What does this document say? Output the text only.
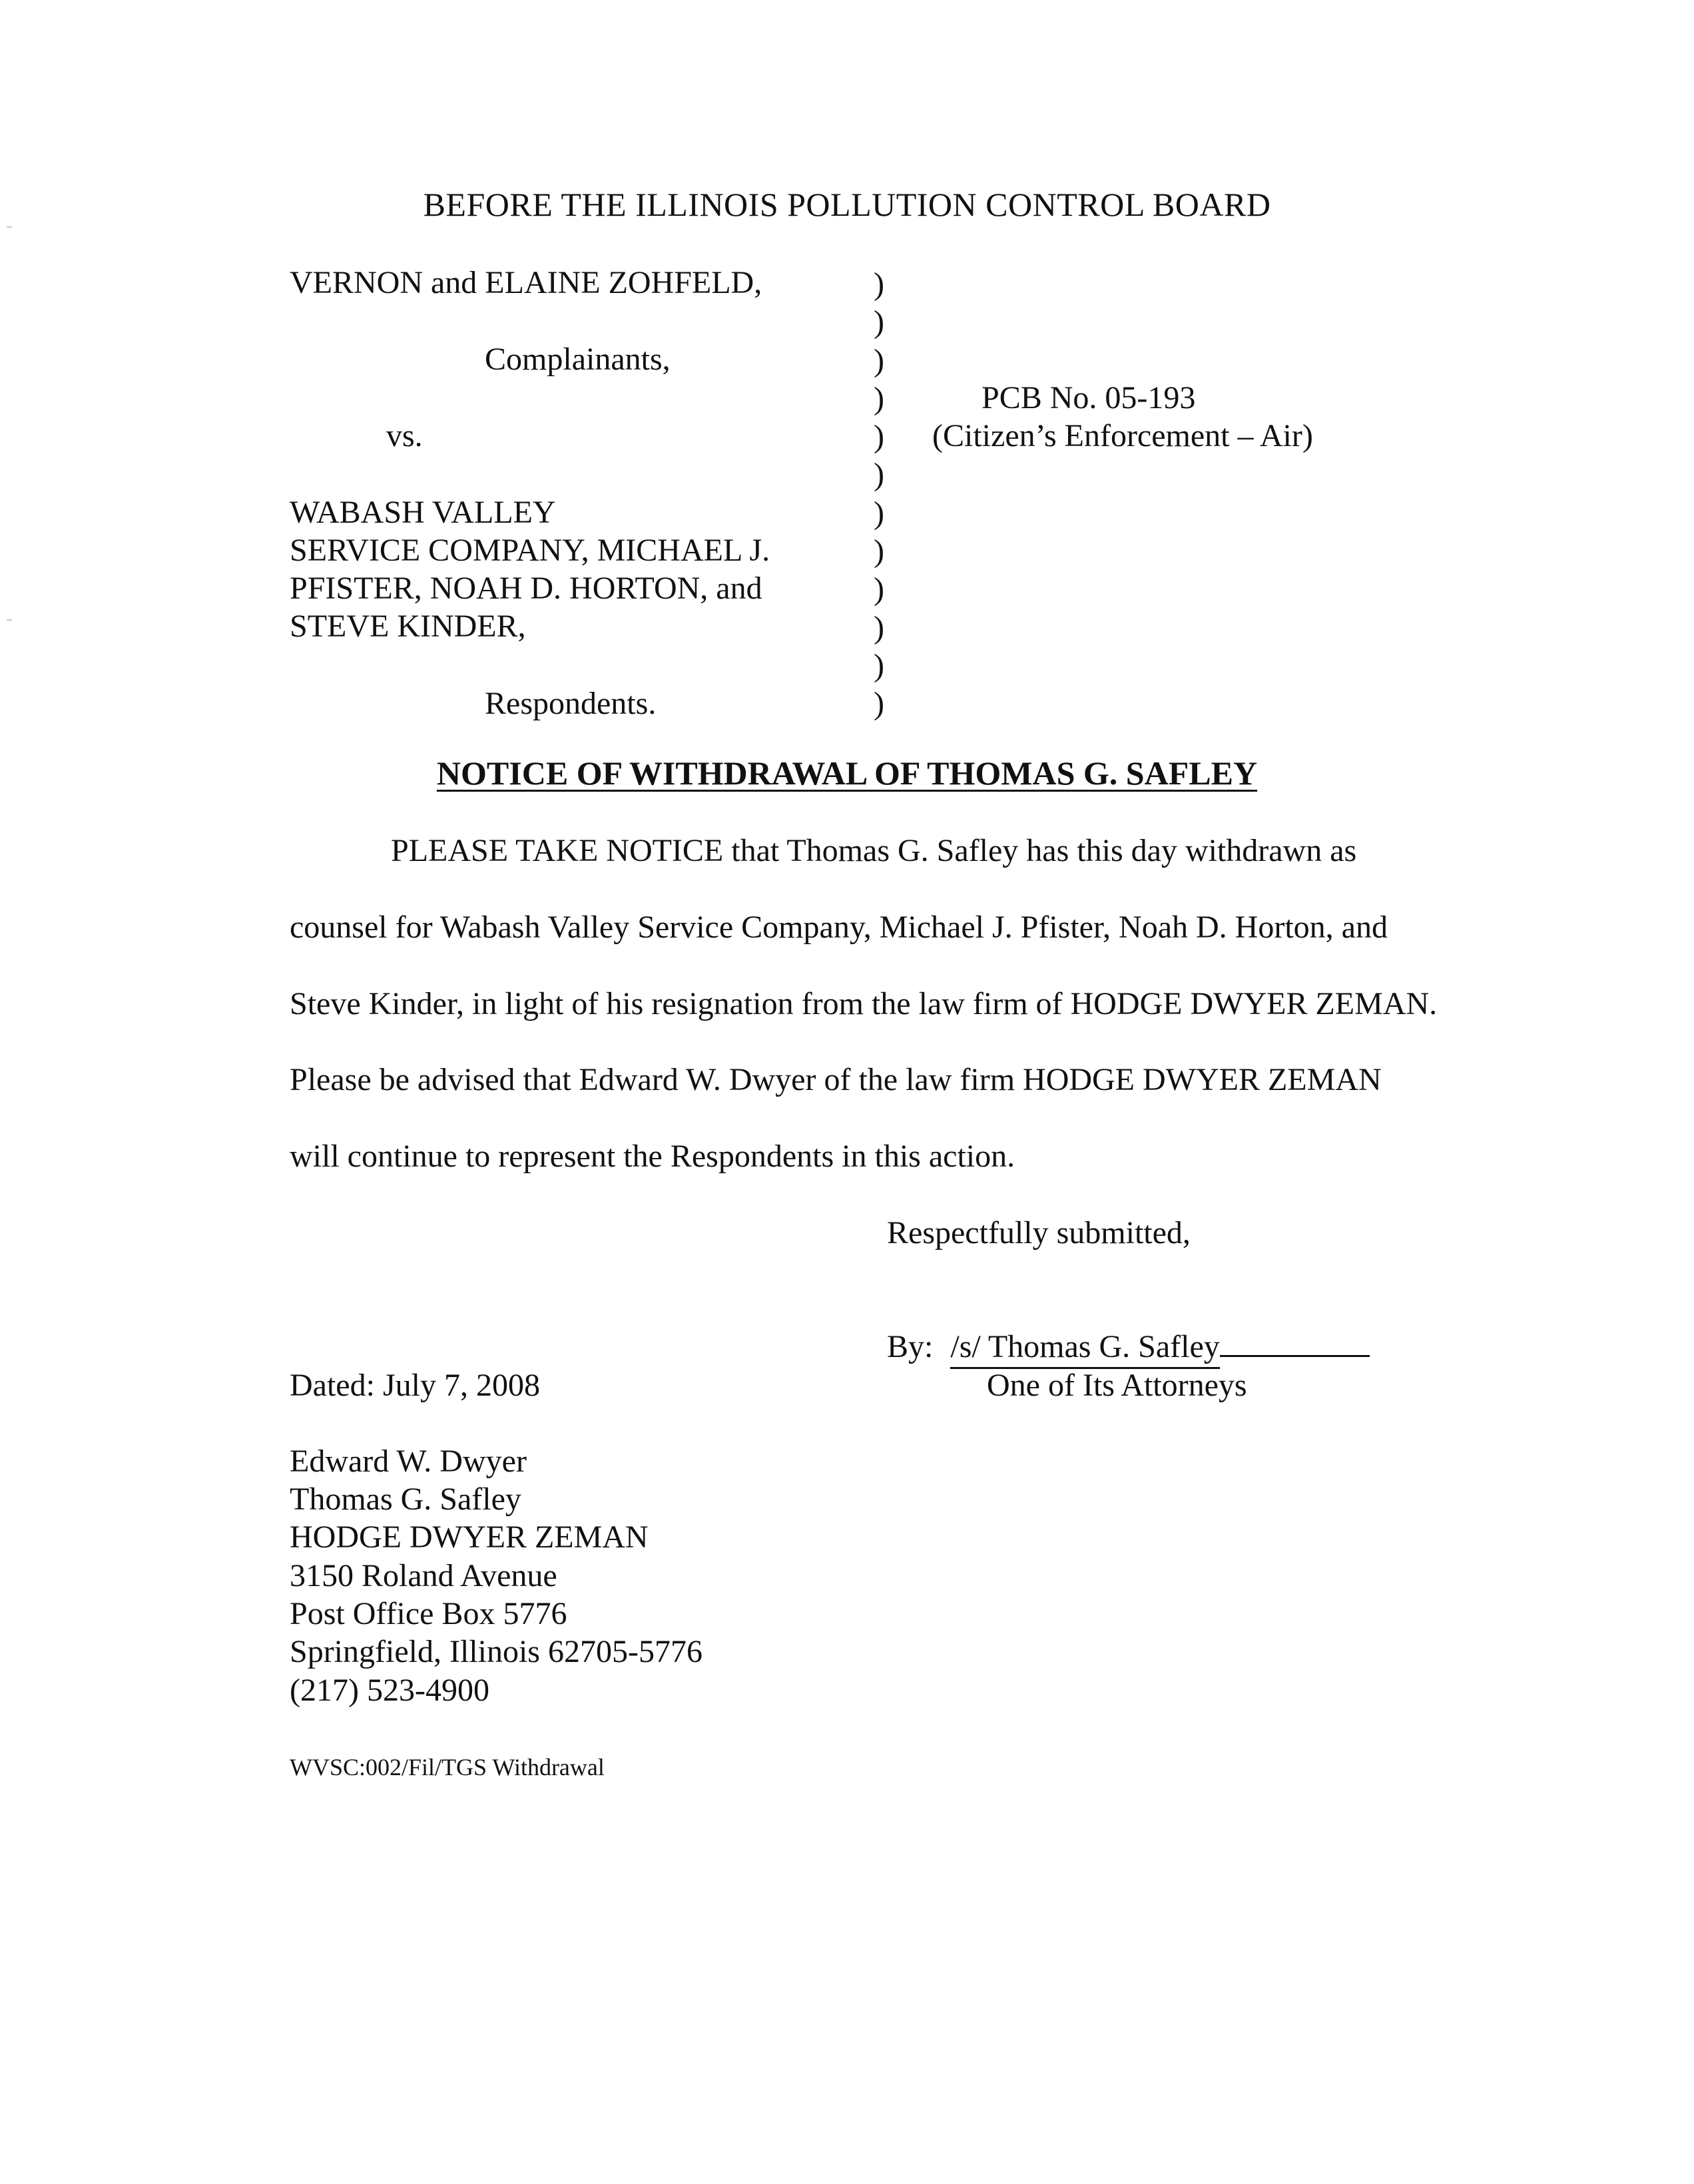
BEFORE THE ILLINOIS POLLUTION CONTROL BOARD
VERNON and ELAINE ZOHFELD,
Complainants,
vs.
WABASH VALLEY
SERVICE COMPANY, MICHAEL J.
PFISTER, NOAH D. HORTON, and
STEVE KINDER,
Respondents.
)
)
)
)
)
)
)
)
)
)
)
)
PCB No. 05-193
(Citizen’s Enforcement – Air)
NOTICE OF WITHDRAWAL OF THOMAS G. SAFLEY
PLEASE TAKE NOTICE that Thomas G. Safley has this day withdrawn as
counsel for Wabash Valley Service Company, Michael J. Pfister, Noah D. Horton, and
Steve Kinder, in light of his resignation from the law firm of HODGE DWYER ZEMAN.
Please be advised that Edward W. Dwyer of the law firm HODGE DWYER ZEMAN
will continue to represent the Respondents in this action.
Respectfully submitted,
By: /s/ Thomas G. Safley
One of Its Attorneys
Dated: July 7, 2008
Edward W. Dwyer
Thomas G. Safley
HODGE DWYER ZEMAN
3150 Roland Avenue
Post Office Box 5776
Springfield, Illinois 62705-5776
(217) 523-4900
WVSC:002/Fil/TGS Withdrawal
